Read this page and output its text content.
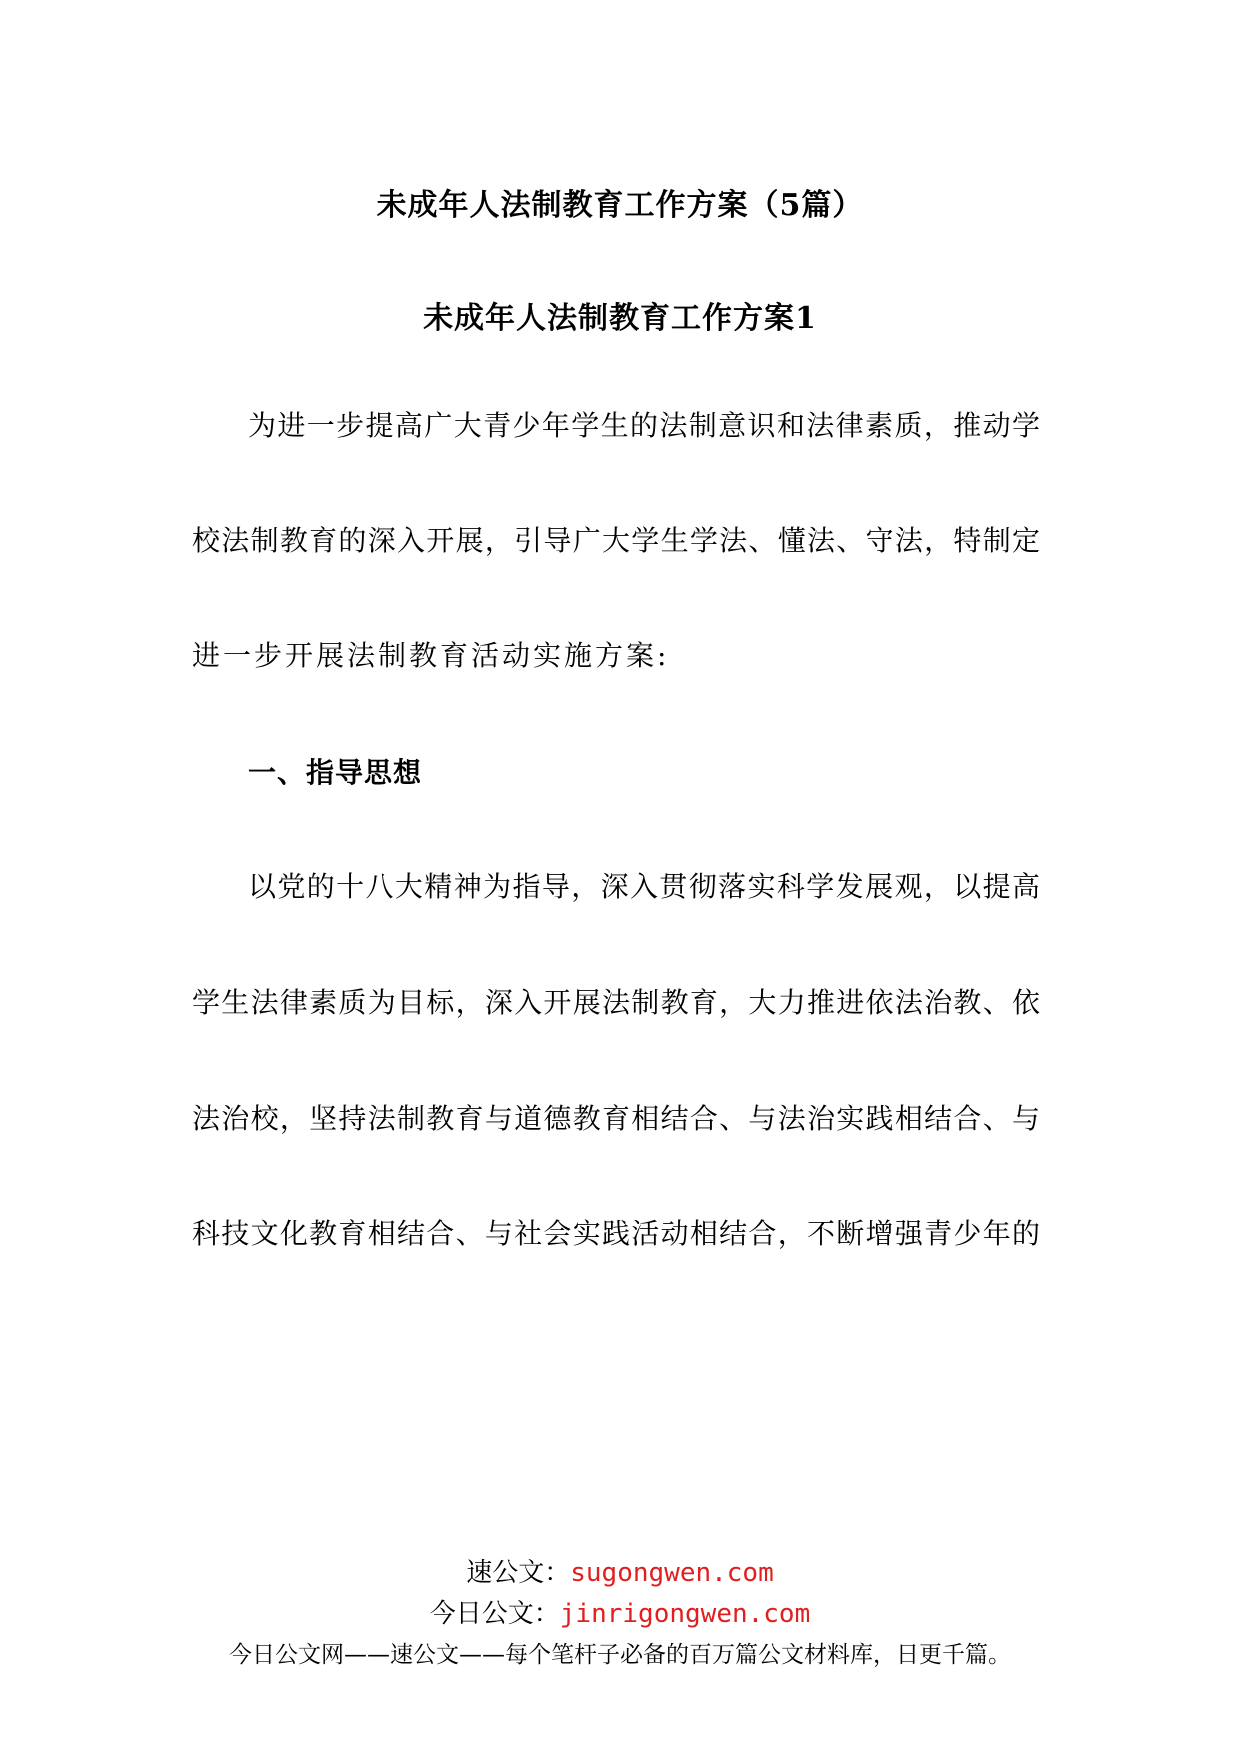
未成年人法制教育工作方案（5篇）
未成年人法制教育工作方案1
为进一步提高广大青少年学生的法制意识和法律素质，推动学
校法制教育的深入开展，引导广大学生学法、懂法、守法，特制定
进一步开展法制教育活动实施方案:
一、指导思想
以党的十八大精神为指导，深入贯彻落实科学发展观，以提高
学生法律素质为目标，深入开展法制教育，大力推进依法治教、依
法治校，坚持法制教育与道德教育相结合、与法治实践相结合、与
科技文化教育相结合、与社会实践活动相结合，不断增强青少年的
速公文：sugongwen.com
今日公文：jinrigongwen.com
今日公文网——速公文——每个笔杆子必备的百万篇公文材料库，日更千篇。
